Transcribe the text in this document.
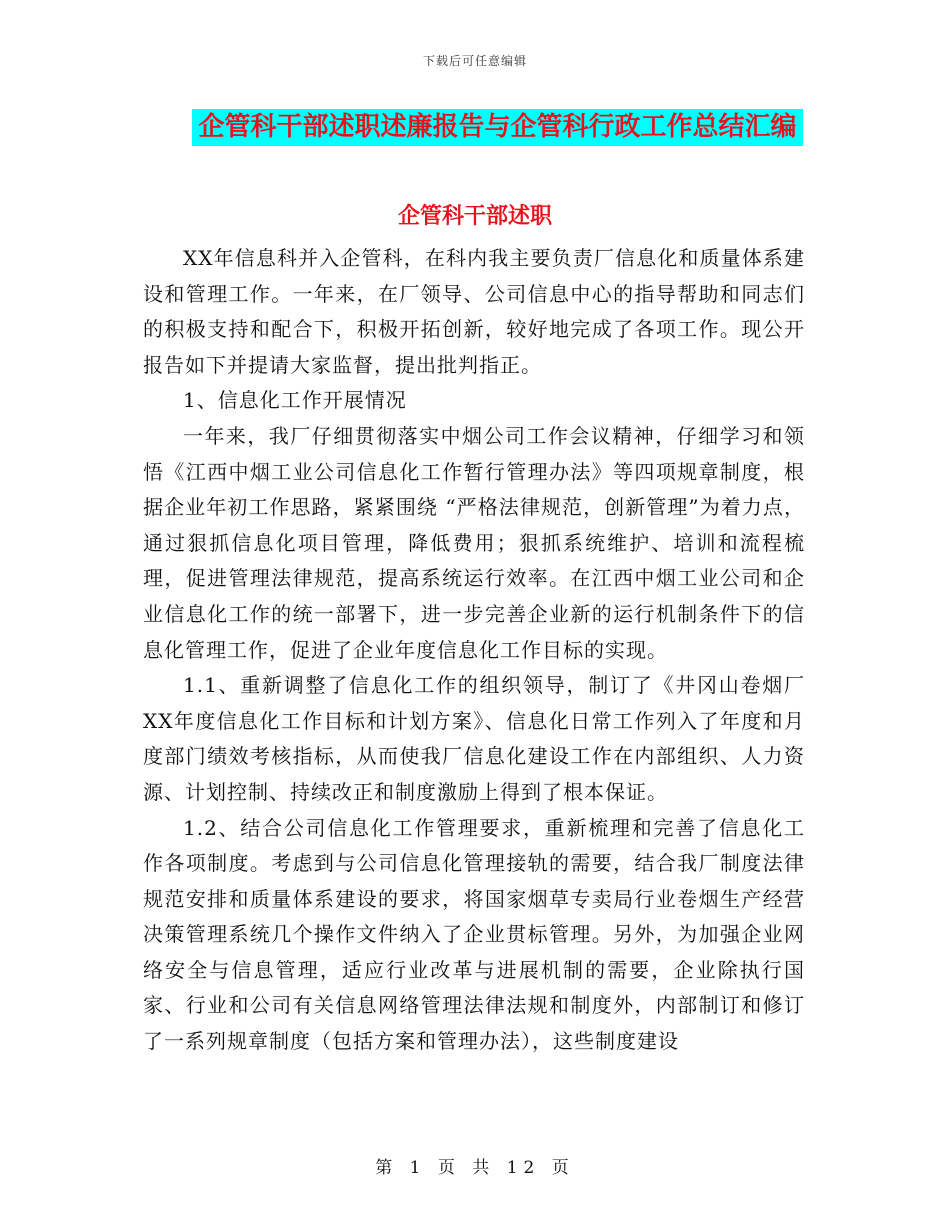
下载后可任意编辑
企管科干部述职述廉报告与企管科行政工作总结汇编
企管科干部述职

XX年信息科并入企管科，在科内我主要负责厂信息化和质量体系建设和管理工作。一年来，在厂领导、公司信息中心的指导帮助和同志们的积极支持和配合下，积极开拓创新，较好地完成了各项工作。现公开报告如下并提请大家监督，提出批判指正。

1、信息化工作开展情况

一年来，我厂仔细贯彻落实中烟公司工作会议精神，仔细学习和领悟《江西中烟工业公司信息化工作暂行管理办法》等四项规章制度，根据企业年初工作思路，紧紧围绕 “严格法律规范，创新管理”为着力点，通过狠抓信息化项目管理，降低费用；狠抓系统维护、培训和流程梳理，促进管理法律规范，提高系统运行效率。在江西中烟工业公司和企业信息化工作的统一部署下，进一步完善企业新的运行机制条件下的信息化管理工作，促进了企业年度信息化工作目标的实现。

1.1、重新调整了信息化工作的组织领导，制订了《井冈山卷烟厂XX年度信息化工作目标和计划方案》、信息化日常工作列入了年度和月度部门绩效考核指标，从而使我厂信息化建设工作在内部组织、人力资源、计划控制、持续改正和制度激励上得到了根本保证。

1.2、结合公司信息化工作管理要求，重新梳理和完善了信息化工作各项制度。考虑到与公司信息化管理接轨的需要，结合我厂制度法律规范安排和质量体系建设的要求，将国家烟草专卖局行业卷烟生产经营决策管理系统几个操作文件纳入了企业贯标管理。另外，为加强企业网络安全与信息管理，适应行业改革与进展机制的需要，企业除执行国家、行业和公司有关信息网络管理法律法规和制度外，内部制订和修订了一系列规章制度（包括方案和管理办法），这些制度建设

第 1 页 共 12 页
